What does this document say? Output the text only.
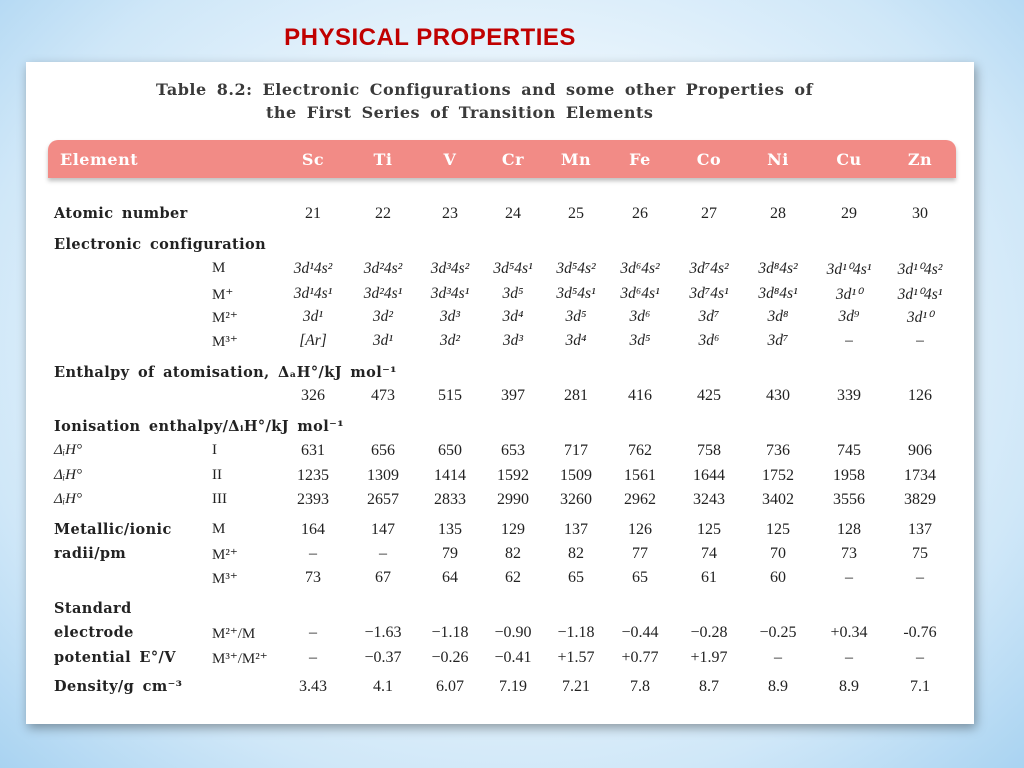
PHYSICAL PROPERTIES
Table 8.2: Electronic Configurations and some other Properties of
the First Series of Transition Elements
Element	Sc	Ti	V	Cr	Mn	Fe	Co	Ni	Cu	Zn
Atomic number	21	22	23	24	25	26	27	28	29	30
Electronic configuration
M	3d¹4s²	3d²4s²	3d³4s²	3d⁵4s¹	3d⁵4s²	3d⁶4s²	3d⁷4s²	3d⁸4s²	3d¹⁰4s¹	3d¹⁰4s²
M⁺	3d¹4s¹	3d²4s¹	3d³4s¹	3d⁵	3d⁵4s¹	3d⁶4s¹	3d⁷4s¹	3d⁸4s¹	3d¹⁰	3d¹⁰4s¹
M²⁺	3d¹	3d²	3d³	3d⁴	3d⁵	3d⁶	3d⁷	3d⁸	3d⁹	3d¹⁰
M³⁺	[Ar]	3d¹	3d²	3d³	3d⁴	3d⁵	3d⁶	3d⁷	–	–
Enthalpy of atomisation, ΔₐH°/kJ mol⁻¹
326	473	515	397	281	416	425	430	339	126
Ionisation enthalpy/ΔᵢH°/kJ mol⁻¹
ΔᵢH°	I	631	656	650	653	717	762	758	736	745	906
ΔᵢH°	II	1235	1309	1414	1592	1509	1561	1644	1752	1958	1734
ΔᵢH°	III	2393	2657	2833	2990	3260	2962	3243	3402	3556	3829
Metallic/ionic	M	164	147	135	129	137	126	125	125	128	137
radii/pm	M²⁺	–	–	79	82	82	77	74	70	73	75
M³⁺	73	67	64	62	65	65	61	60	–	–
Standard
electrode	M²⁺/M	–	−1.63	−1.18	−0.90	−1.18	−0.44	−0.28	−0.25	+0.34	-0.76
potential E°/V M³⁺/M²⁺	–	−0.37	−0.26	−0.41	+1.57	+0.77	+1.97	–	–	–
Density/g cm⁻³	3.43	4.1	6.07	7.19	7.21	7.8	8.7	8.9	8.9	7.1
